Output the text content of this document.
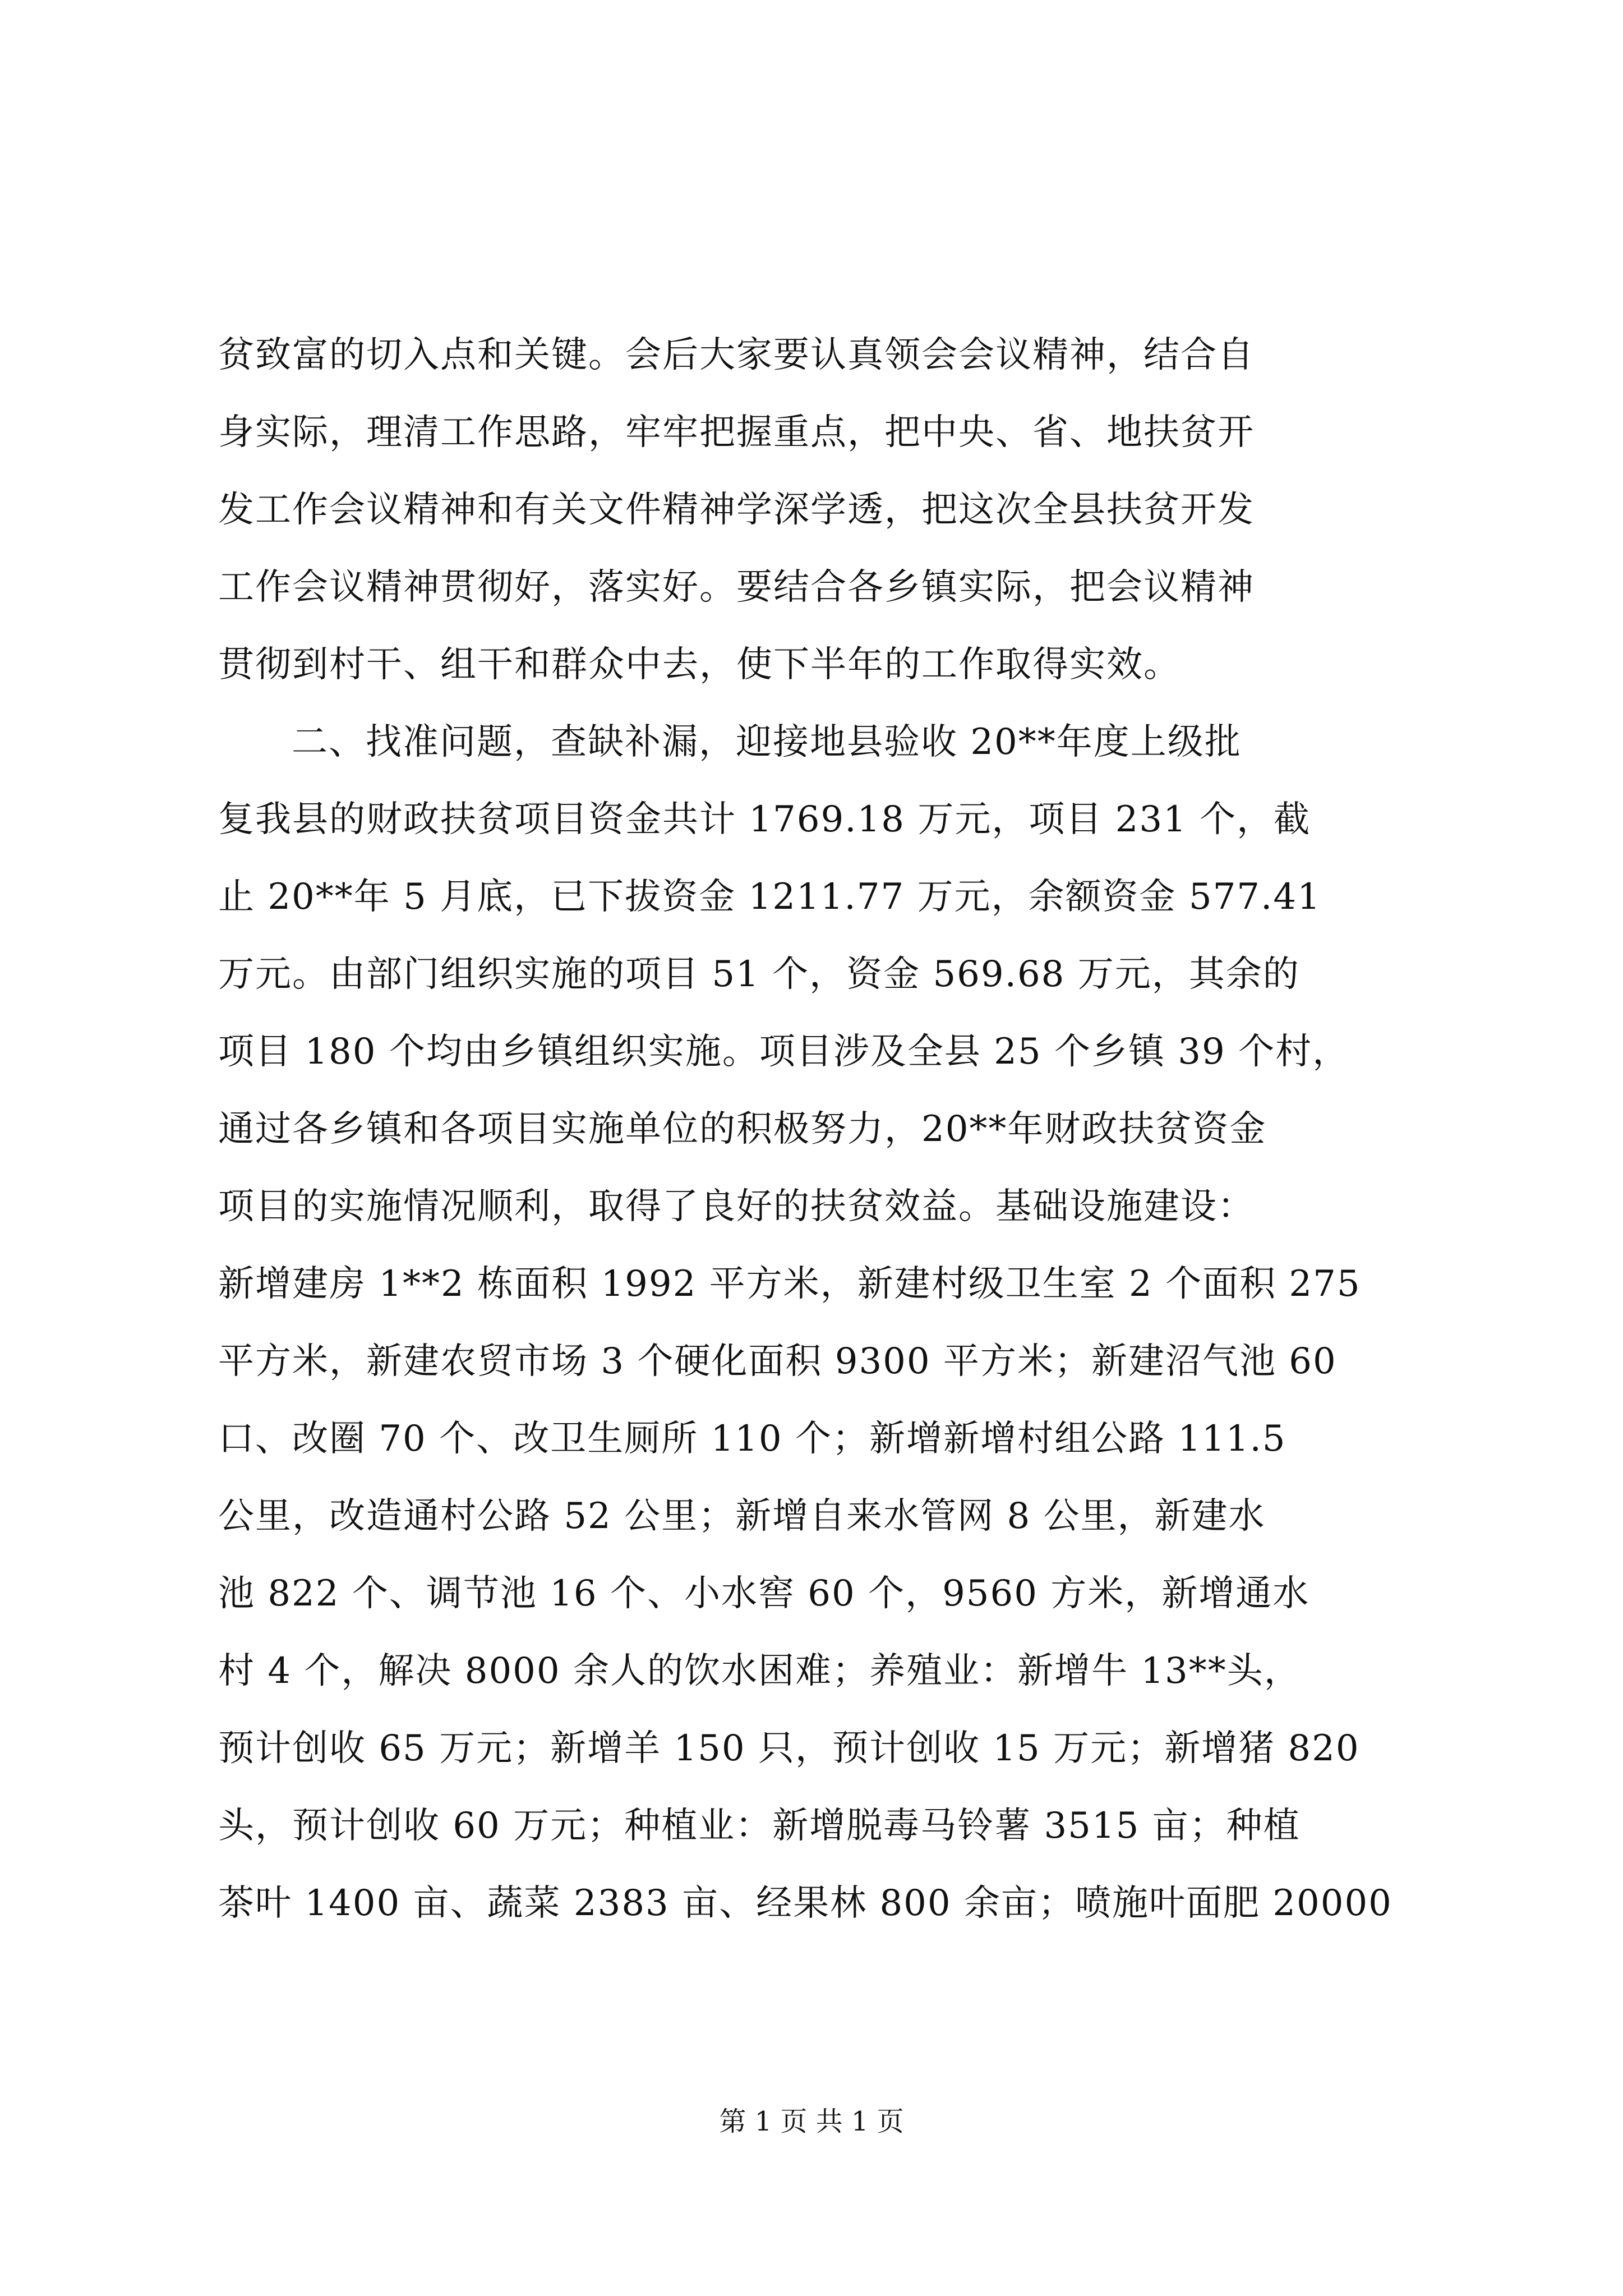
贫致富的切入点和关键。会后大家要认真领会会议精神，结合自
身实际，理清工作思路，牢牢把握重点，把中央、省、地扶贫开
发工作会议精神和有关文件精神学深学透，把这次全县扶贫开发
工作会议精神贯彻好，落实好。要结合各乡镇实际，把会议精神
贯彻到村干、组干和群众中去，使下半年的工作取得实效。
二、找准问题，查缺补漏，迎接地县验收 20**年度上级批
复我县的财政扶贫项目资金共计 1769.18 万元，项目 231 个，截
止 20**年 5 月底，已下拔资金 1211.77 万元，余额资金 577.41
万元。由部门组织实施的项目 51 个，资金 569.68 万元，其余的
项目 180 个均由乡镇组织实施。项目涉及全县 25 个乡镇 39 个村，
通过各乡镇和各项目实施单位的积极努力，20**年财政扶贫资金
项目的实施情况顺利，取得了良好的扶贫效益。基础设施建设：
新增建房 1**2 栋面积 1992 平方米，新建村级卫生室 2 个面积 275
平方米，新建农贸市场 3 个硬化面积 9300 平方米；新建沼气池 60
口、改圈 70 个、改卫生厕所 110 个；新增新增村组公路 111.5
公里，改造通村公路 52 公里；新增自来水管网 8 公里，新建水
池 822 个、调节池 16 个、小水窖 60 个，9560 方米，新增通水
村 4 个，解决 8000 余人的饮水困难；养殖业：新增牛 13**头，
预计创收 65 万元；新增羊 150 只，预计创收 15 万元；新增猪 820
头，预计创收 60 万元；种植业：新增脱毒马铃薯 3515 亩；种植
茶叶 1400 亩、蔬菜 2383 亩、经果林 800 余亩；喷施叶面肥 20000
第 1 页 共 1 页
